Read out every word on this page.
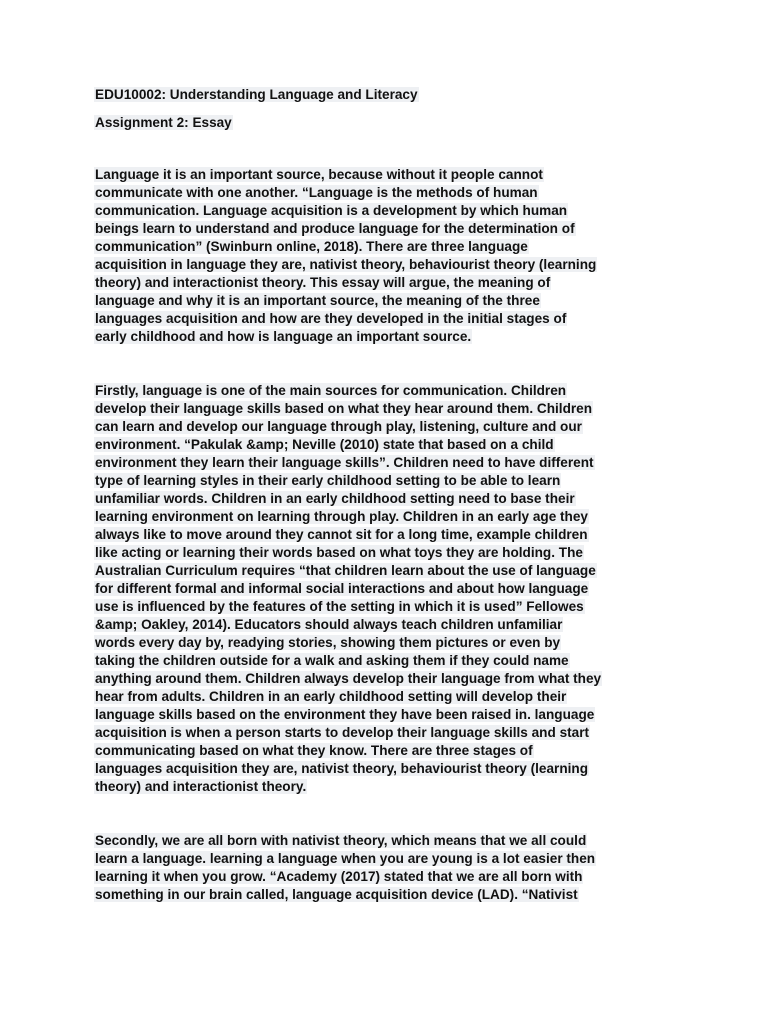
EDU10002: Understanding Language and Literacy
Assignment 2: Essay
Language it is an important source, because without it people cannot
communicate with one another. “Language is the methods of human
communication. Language acquisition is a development by which human
beings learn to understand and produce language for the determination of
communication” (Swinburn online, 2018). There are three language
acquisition in language they are, nativist theory, behaviourist theory (learning
theory) and interactionist theory. This essay will argue, the meaning of
language and why it is an important source, the meaning of the three
languages acquisition and how are they developed in the initial stages of
early childhood and how is language an important source.
Firstly, language is one of the main sources for communication. Children
develop their language skills based on what they hear around them. Children
can learn and develop our language through play, listening, culture and our
environment. “Pakulak &amp; Neville (2010) state that based on a child
environment they learn their language skills”. Children need to have different
type of learning styles in their early childhood setting to be able to learn
unfamiliar words. Children in an early childhood setting need to base their
learning environment on learning through play. Children in an early age they
always like to move around they cannot sit for a long time, example children
like acting or learning their words based on what toys they are holding. The
Australian Curriculum requires “that children learn about the use of language
for different formal and informal social interactions and about how language
use is influenced by the features of the setting in which it is used” Fellowes
&amp; Oakley, 2014). Educators should always teach children unfamiliar
words every day by, readying stories, showing them pictures or even by
taking the children outside for a walk and asking them if they could name
anything around them. Children always develop their language from what they
hear from adults. Children in an early childhood setting will develop their
language skills based on the environment they have been raised in. language
acquisition is when a person starts to develop their language skills and start
communicating based on what they know. There are three stages of
languages acquisition they are, nativist theory, behaviourist theory (learning
theory) and interactionist theory.
Secondly, we are all born with nativist theory, which means that we all could
learn a language. learning a language when you are young is a lot easier then
learning it when you grow. “Academy (2017) stated that we are all born with
something in our brain called, language acquisition device (LAD). “Nativist
